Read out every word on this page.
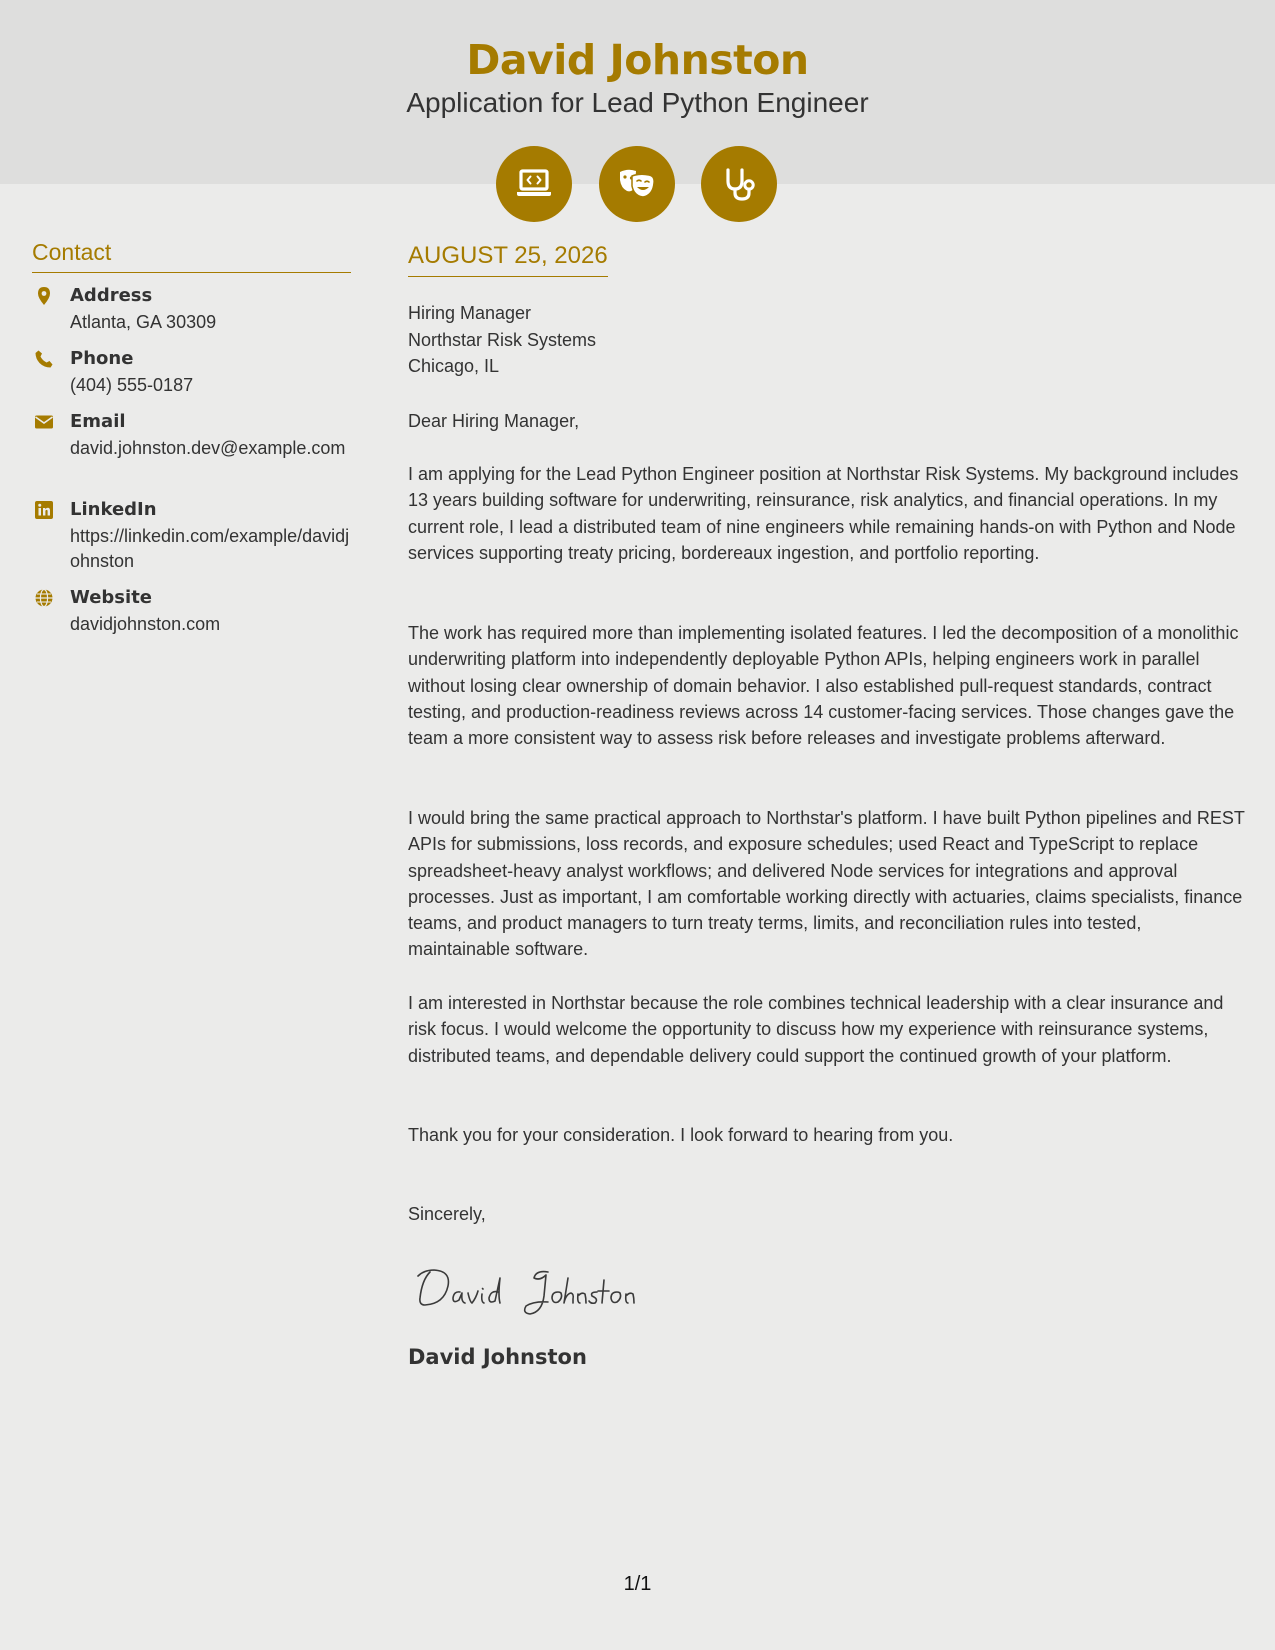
David Johnston
Application for Lead Python Engineer
Contact
Address
Atlanta, GA 30309
Phone
(404) 555-0187
Email
david.johnston.dev@example.com
LinkedIn
https://linkedin.com/example/davidjohnston
Website
davidjohnston.com
AUGUST 25, 2026
Hiring Manager
Northstar Risk Systems
Chicago, IL
Dear Hiring Manager,

I am applying for the Lead Python Engineer position at Northstar Risk Systems. My background includes 13 years building software for underwriting, reinsurance, risk analytics, and financial operations. In my current role, I lead a distributed team of nine engineers while remaining hands-on with Python and Node services supporting treaty pricing, bordereaux ingestion, and portfolio reporting.

The work has required more than implementing isolated features. I led the decomposition of a monolithic underwriting platform into independently deployable Python APIs, helping engineers work in parallel without losing clear ownership of domain behavior. I also established pull-request standards, contract testing, and production-readiness reviews across 14 customer-facing services. Those changes gave the team a more consistent way to assess risk before releases and investigate problems afterward.

I would bring the same practical approach to Northstar's platform. I have built Python pipelines and REST APIs for submissions, loss records, and exposure schedules; used React and TypeScript to replace spreadsheet-heavy analyst workflows; and delivered Node services for integrations and approval processes. Just as important, I am comfortable working directly with actuaries, claims specialists, finance teams, and product managers to turn treaty terms, limits, and reconciliation rules into tested, maintainable software.

I am interested in Northstar because the role combines technical leadership with a clear insurance and risk focus. I would welcome the opportunity to discuss how my experience with reinsurance systems, distributed teams, and dependable delivery could support the continued growth of your platform.

Thank you for your consideration. I look forward to hearing from you.

Sincerely,
David Johnston
1/1
